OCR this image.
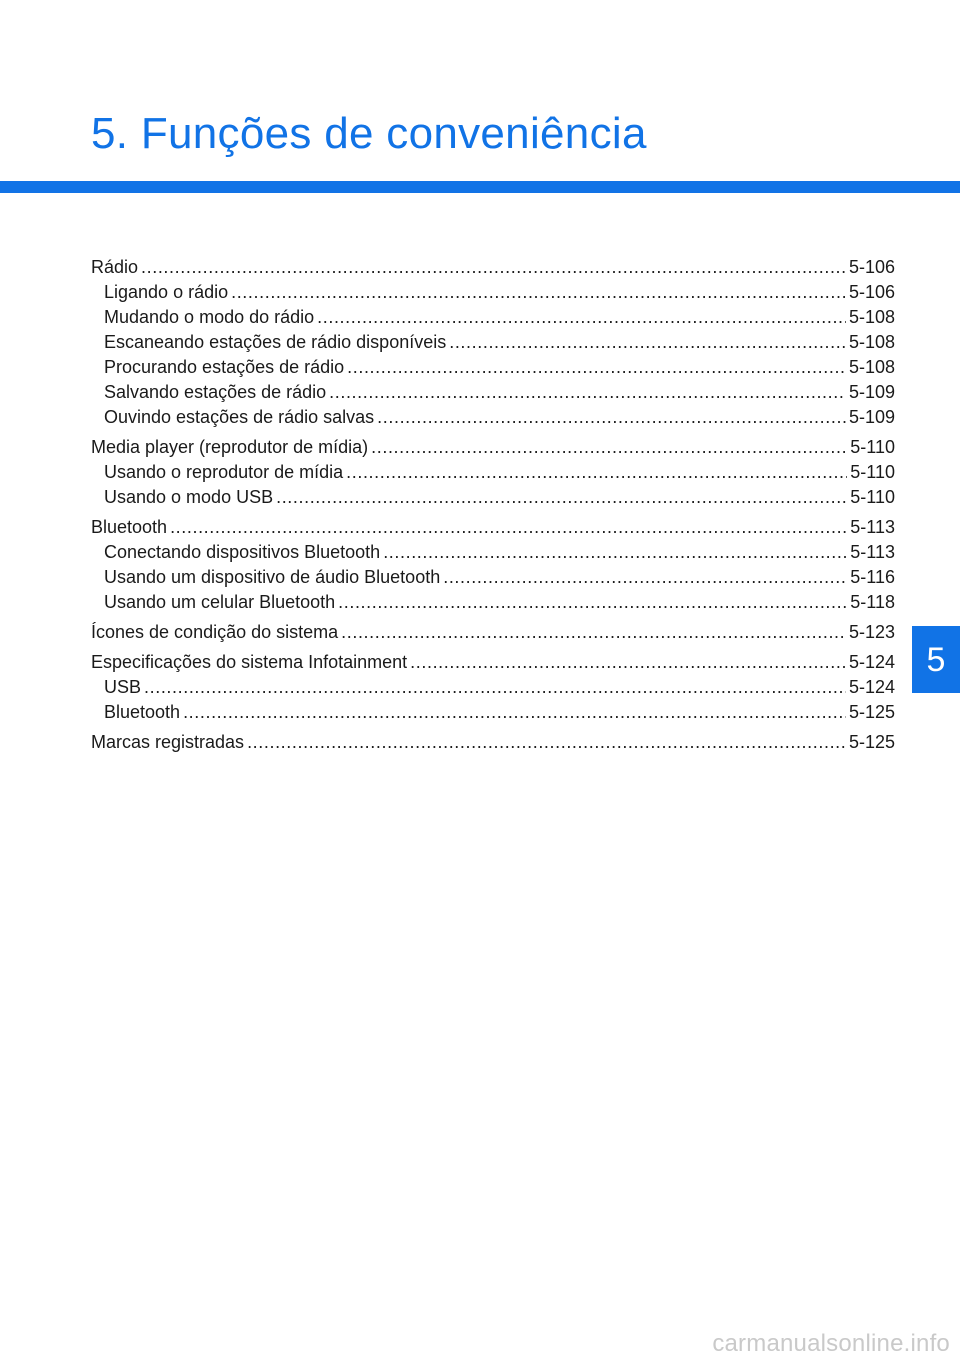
5. Funções de conveniência
Rádio .....	5-106
Ligando o rádio .....	5-106
Mudando o modo do rádio .....	5-108
Escaneando estações de rádio disponíveis .....	5-108
Procurando estações de rádio .....	5-108
Salvando estações de rádio .....	5-109
Ouvindo estações de rádio salvas .....	5-109
Media player (reprodutor de mídia) .....	5-110
Usando o reprodutor de mídia .....	5-110
Usando o modo USB .....	5-110
Bluetooth .....	5-113
Conectando dispositivos Bluetooth .....	5-113
Usando um dispositivo de áudio Bluetooth .....	5-116
Usando um celular Bluetooth .....	5-118
Ícones de condição do sistema .....	5-123
Especificações do sistema Infotainment .....	5-124
USB .....	5-124
Bluetooth .....	5-125
Marcas registradas .....	5-125
5
carmanualsonline.info
